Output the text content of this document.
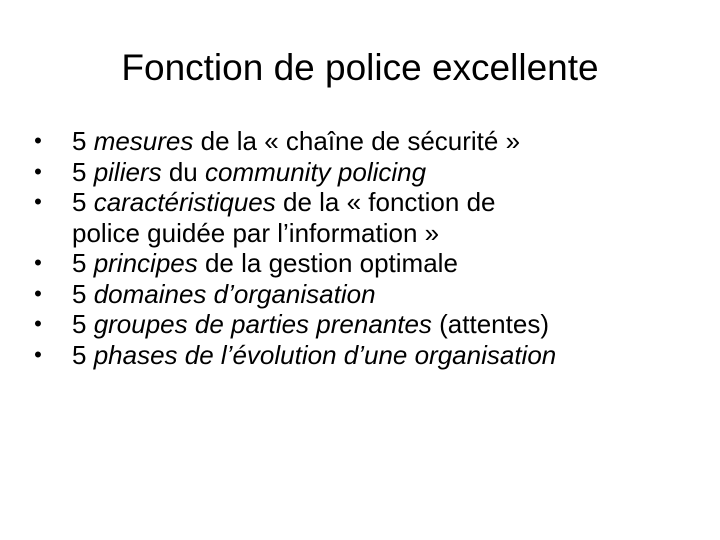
Fonction de police excellente
• 5 mesures de la « chaîne de sécurité »
• 5 piliers du community policing
• 5 caractéristiques de la « fonction de
police guidée par l’information »
• 5 principes de la gestion optimale
• 5 domaines d’organisation
• 5 groupes de parties prenantes (attentes)
• 5 phases de l’évolution d’une organisation
